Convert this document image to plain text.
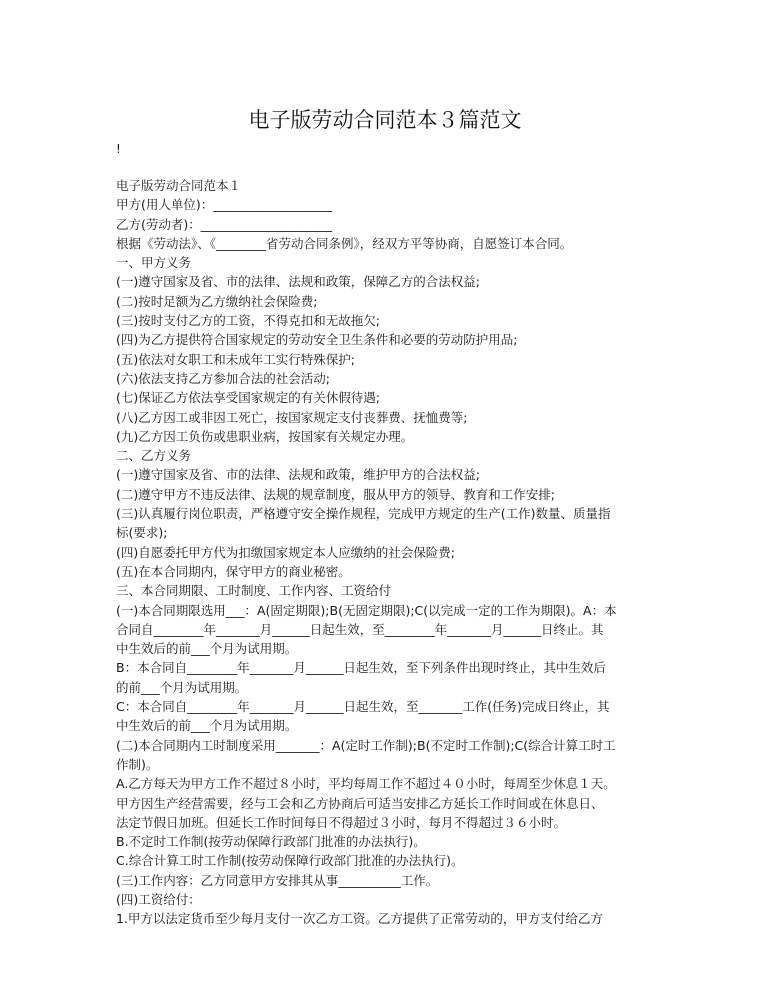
电子版劳动合同范本３篇范文
!

电子版劳动合同范本１

甲方(用人单位)：___________________

乙方(劳动者)：_____________________

根据《劳动法》、《________省劳动合同条例》，经双方平等协商，自愿签订本合同。

一、甲方义务

(一)遵守国家及省、市的法律、法规和政策，保障乙方的合法权益;

(二)按时足额为乙方缴纳社会保险费;

(三)按时支付乙方的工资，不得克扣和无故拖欠;

(四)为乙方提供符合国家规定的劳动安全卫生条件和必要的劳动防护用品;

(五)依法对女职工和未成年工实行特殊保护;

(六)依法支持乙方参加合法的社会活动;

(七)保证乙方依法享受国家规定的有关休假待遇;

(八)乙方因工或非因工死亡，按国家规定支付丧葬费、抚恤费等;

(九)乙方因工负伤或患职业病，按国家有关规定办理。

二、乙方义务

(一)遵守国家及省、市的法律、法规和政策，维护甲方的合法权益;

(二)遵守甲方不违反法律、法规的规章制度，服从甲方的领导、教育和工作安排;

(三)认真履行岗位职责，严格遵守安全操作规程，完成甲方规定的生产(工作)数量、质量指

标(要求);

(四)自愿委托甲方代为扣缴国家规定本人应缴纳的社会保险费;

(五)在本合同期内，保守甲方的商业秘密。

三、本合同期限、工时制度、工作内容、工资给付

(一)本合同期限选用___：A(固定期限);B(无固定期限);C(以完成一定的工作为期限)。A：本

合同自________年_______月______日起生效，至________年_______月______日终止。其

中生效后的前___个月为试用期。

B：本合同自________年_______月______日起生效，至下列条件出现时终止，其中生效后

的前___个月为试用期。

C：本合同自________年_______月______日起生效，至_______工作(任务)完成日终止，其

中生效后的前___个月为试用期。

(二)本合同期内工时制度采用_______：A(定时工作制);B(不定时工作制);C(综合计算工时工

作制)。

A.乙方每天为甲方工作不超过８小时，平均每周工作不超过４０小时，每周至少休息１天。

甲方因生产经营需要，经与工会和乙方协商后可适当安排乙方延长工作时间或在休息日、

法定节假日加班。但延长工作时间每日不得超过３小时，每月不得超过３６小时。

B.不定时工作制(按劳动保障行政部门批准的办法执行)。

C.综合计算工时工作制(按劳动保障行政部门批准的办法执行)。

(三)工作内容：乙方同意甲方安排其从事__________工作。

(四)工资给付：

1.甲方以法定货币至少每月支付一次乙方工资。乙方提供了正常劳动的，甲方支付给乙方
